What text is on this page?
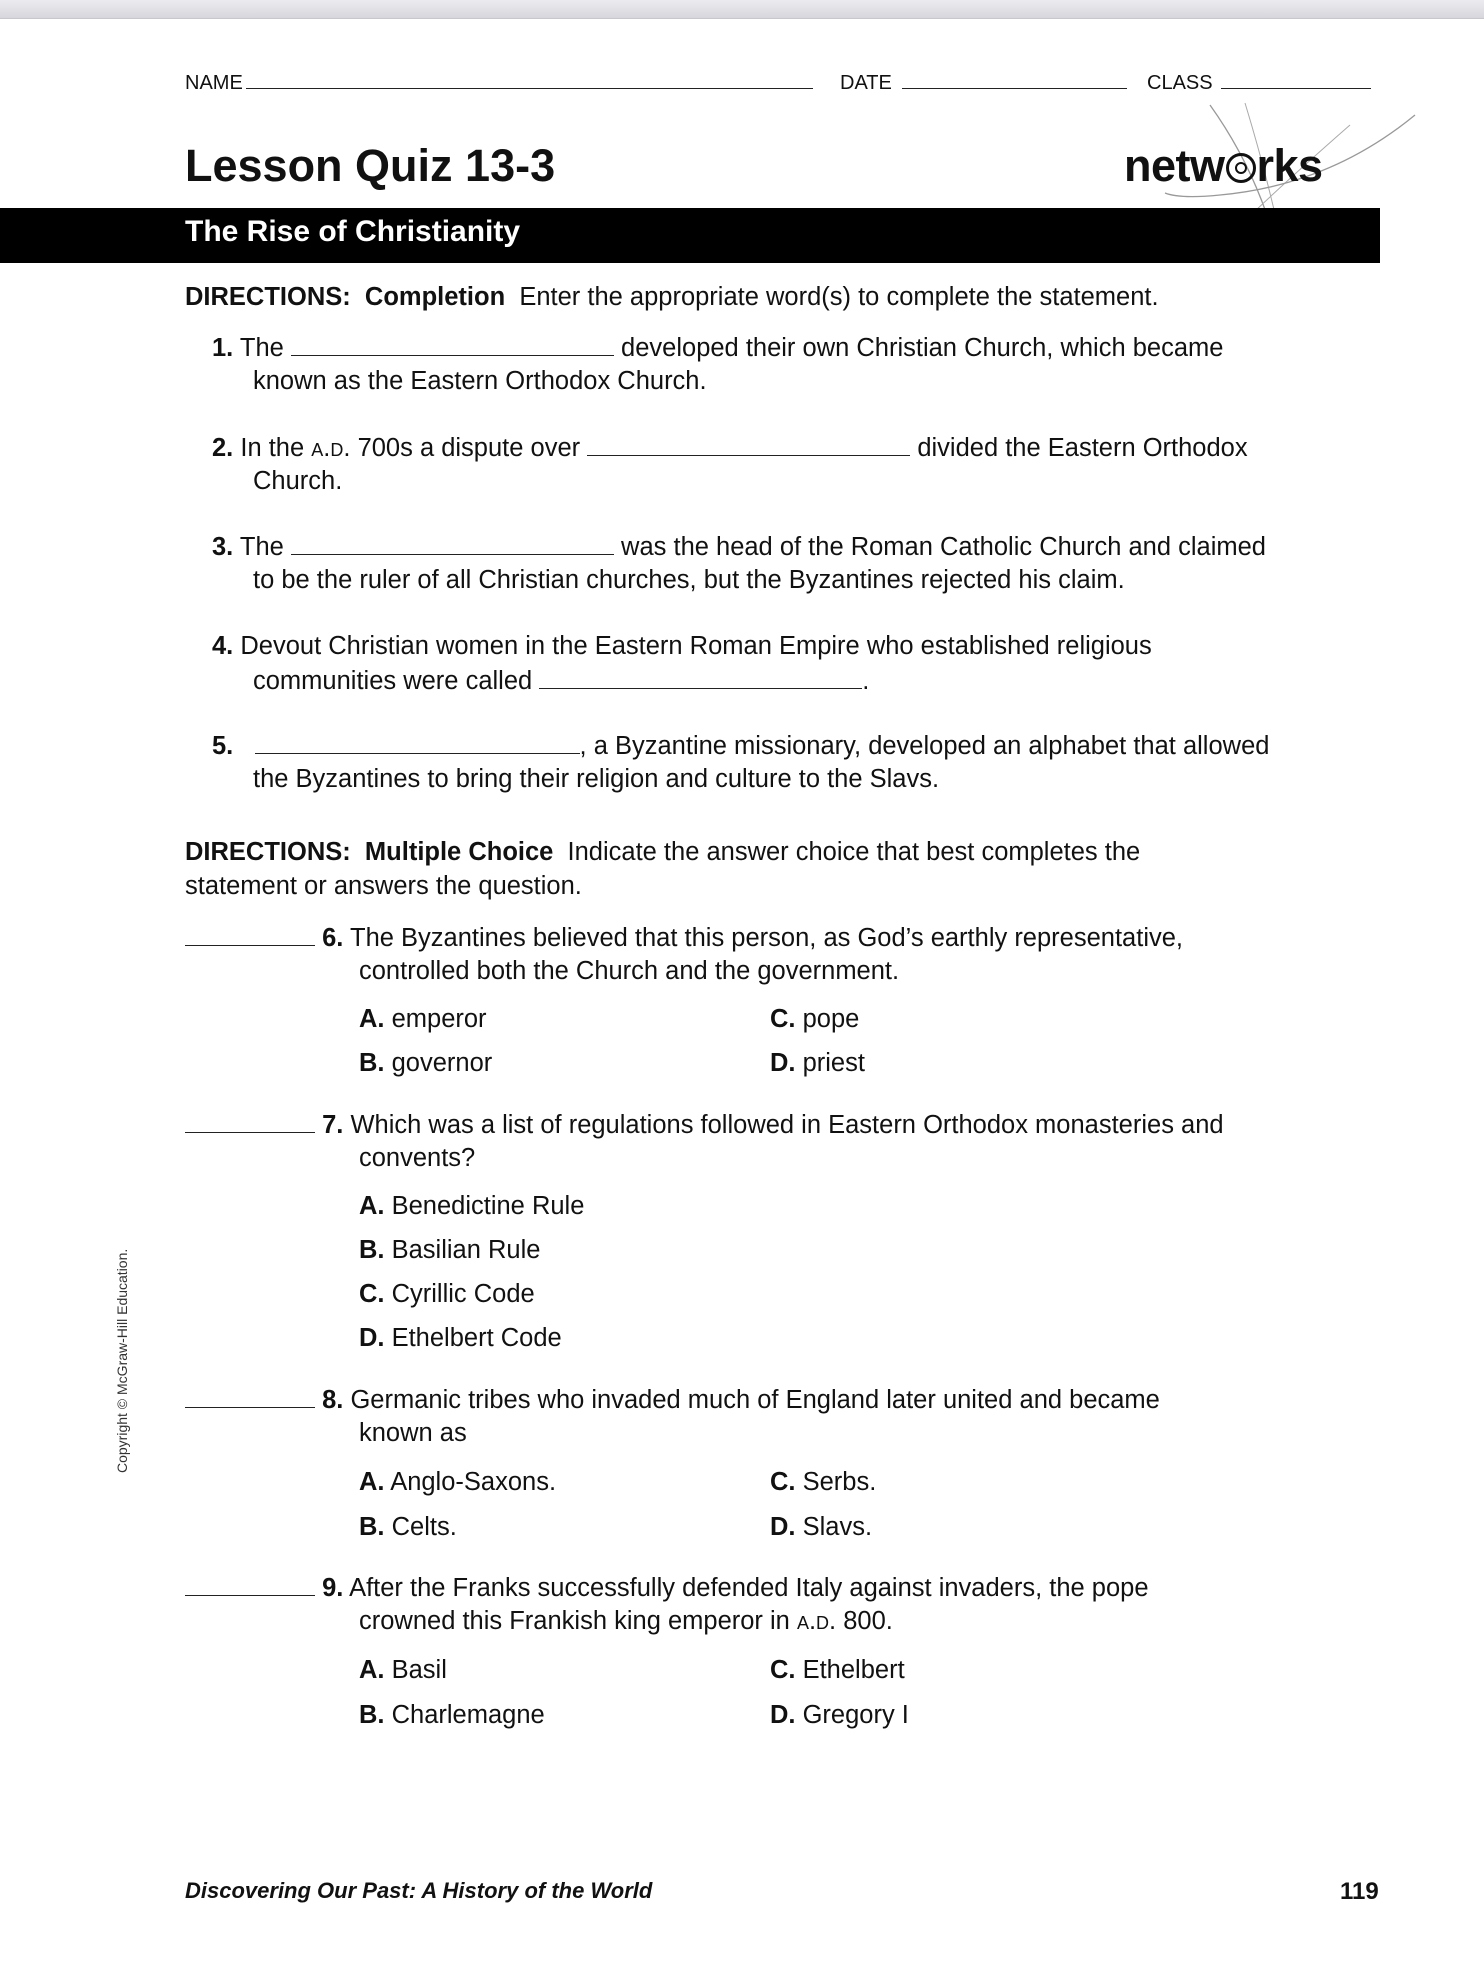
NAME	DATE	CLASS
Lesson Quiz 13-3	netw rks
The Rise of Christianity
DIRECTIONS: Completion Enter the appropriate word(s) to complete the statement.
1. The	developed their own Christian Church, which became
known as the Eastern Orthodox Church.
2. In the a.d. 700s a dispute over	divided the Eastern Orthodox
Church.
3. The	was the head of the Roman Catholic Church and claimed
to be the ruler of all Christian churches, but the Byzantines rejected his claim.
4. Devout Christian women in the Eastern Roman Empire who established religious
communities were called	.
5.	, a Byzantine missionary, developed an alphabet that allowed
the Byzantines to bring their religion and culture to the Slavs.
DIRECTIONS: Multiple Choice Indicate the answer choice that best completes the
statement or answers the question.
6. The Byzantines believed that this person, as God’s earthly representative,
controlled both the Church and the government.
A. emperor
B. governor
C. pope
D. priest
7. Which was a list of regulations followed in Eastern Orthodox monasteries and
convents?
A. Benedictine Rule
B. Basilian Rule
C. Cyrillic Code
D. Ethelbert Code
8. Germanic tribes who invaded much of England later united and became
known as
A. Anglo-Saxons.
B. Celts.
C. Serbs.
D. Slavs.
9. After the Franks successfully defended Italy against invaders, the pope
crowned this Frankish king emperor in a.d. 800.
A. Basil
B. Charlemagne
C. Ethelbert
D. Gregory I
Copyright © McGraw-Hill Education.
Discovering Our Past: A History of the World	119
